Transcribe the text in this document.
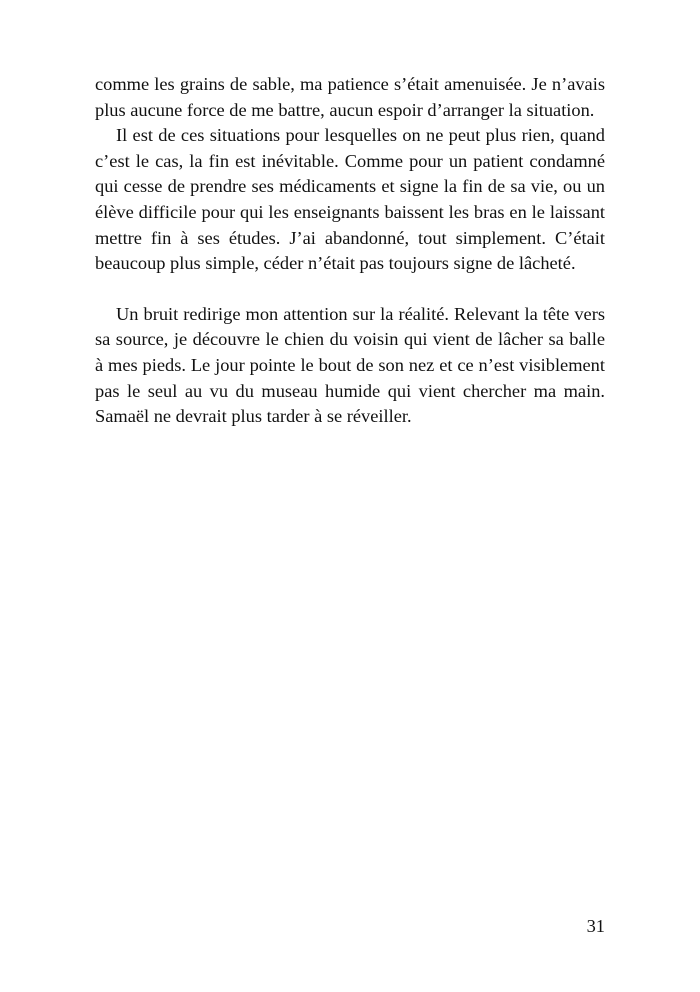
comme les grains de sable, ma patience s’était amenuisée. Je n’avais plus aucune force de me battre, aucun espoir d’arranger la situation.

Il est de ces situations pour lesquelles on ne peut plus rien, quand c’est le cas, la fin est inévitable. Comme pour un patient condamné qui cesse de prendre ses médicaments et signe la fin de sa vie, ou un élève difficile pour qui les enseignants baissent les bras en le laissant mettre fin à ses études. J’ai abandonné, tout simplement. C’était beaucoup plus simple, céder n’était pas toujours signe de lâcheté.

Un bruit redirige mon attention sur la réalité. Relevant la tête vers sa source, je découvre le chien du voisin qui vient de lâcher sa balle à mes pieds. Le jour pointe le bout de son nez et ce n’est visiblement pas le seul au vu du museau humide qui vient chercher ma main. Samaël ne devrait plus tarder à se réveiller.

31
